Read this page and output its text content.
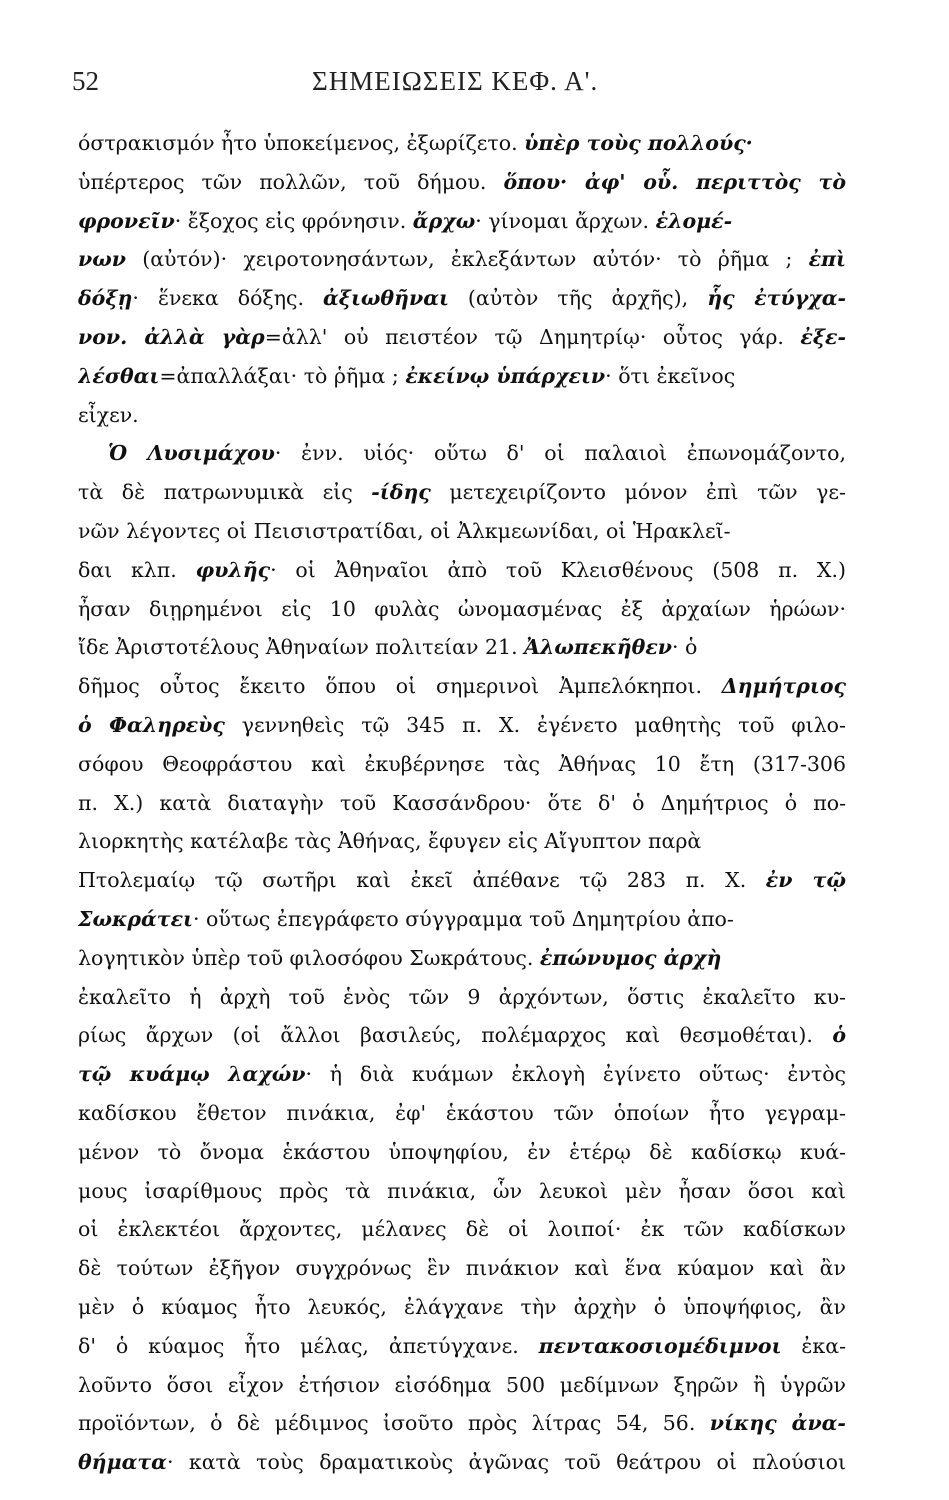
52	ΣΗΜΕΙΩΣΕΙΣ ΚΕΦ. Α'.
όστρακισμόν ἦτο ὑποκείμενος, ἐξωρίζετο. ὑπὲρ τοὺς πολλούς·
ὑπέρτερος τῶν πολλῶν, τοῦ δήμου. ὅπου· ἀφ' οὗ. περιττὸς τὸ
φρονεῖν· ἔξοχος εἰς φρόνησιν. ἄρχω· γίνομαι ἄρχων. ἑλομέ-
νων (αὐτόν)· χειροτονησάντων, ἐκλεξάντων αὐτόν· τὸ ῥῆμα ; ἐπὶ
δόξῃ· ἕνεκα δόξης. ἀξιωθῆναι (αὐτὸν τῆς ἀρχῆς), ἧς ἐτύγχα-
νον. ἀλλὰ γὰρ=ἀλλ' οὐ πειστέον τῷ Δημητρίῳ· οὗτος γάρ. ἐξε-
λέσθαι=ἀπαλλάξαι· τὸ ῥῆμα ; ἐκείνῳ ὑπάρχειν· ὅτι ἐκεῖνος
εἶχεν.
Ὁ Λυσιμάχου· ἐνν. υἱός· οὕτω δ' οἱ παλαιοὶ ἐπωνομάζοντο,
τὰ δὲ πατρωνυμικὰ εἰς -ίδης μετεχειρίζοντο μόνον ἐπὶ τῶν γε-
νῶν λέγοντες οἱ Πεισιστρατίδαι, οἱ Ἀλκμεωνίδαι, οἱ Ἡρακλεῖ-
δαι κλπ. φυλῆς· οἱ Ἀθηναῖοι ἀπὸ τοῦ Κλεισθένους (508 π. Χ.)
ἦσαν διῃρημένοι εἰς 10 φυλὰς ὠνομασμένας ἐξ ἀρχαίων ἡρώων·
ἴδε Ἀριστοτέλους Ἀθηναίων πολιτείαν 21. Ἀλωπεκῆθεν· ὁ
δῆμος οὗτος ἔκειτο ὅπου οἱ σημερινοὶ Ἀμπελόκηποι. Δημήτριος
ὁ Φαληρεὺς γεννηθεὶς τῷ 345 π. Χ. ἐγένετο μαθητὴς τοῦ φιλο-
σόφου Θεοφράστου καὶ ἐκυβέρνησε τὰς Ἀθήνας 10 ἔτη (317-306
π. Χ.) κατὰ διαταγὴν τοῦ Κασσάνδρου· ὅτε δ' ὁ Δημήτριος ὁ πο-
λιορκητὴς κατέλαβε τὰς Ἀθήνας, ἔφυγεν εἰς Αἴγυπτον παρὰ
Πτολεμαίῳ τῷ σωτῆρι καὶ ἐκεῖ ἀπέθανε τῷ 283 π. Χ. ἐν τῷ
Σωκράτει· οὕτως ἐπεγράφετο σύγγραμμα τοῦ Δημητρίου ἀπο-
λογητικὸν ὑπὲρ τοῦ φιλοσόφου Σωκράτους. ἐπώνυμος ἀρχὴ
ἐκαλεῖτο ἡ ἀρχὴ τοῦ ἑνὸς τῶν 9 ἀρχόντων, ὅστις ἐκαλεῖτο κυ-
ρίως ἄρχων (οἱ ἄλλοι βασιλεύς, πολέμαρχος καὶ θεσμοθέται). ὁ
τῷ κυάμῳ λαχών· ἡ διὰ κυάμων ἐκλογὴ ἐγίνετο οὕτως· ἐντὸς
καδίσκου ἔθετον πινάκια, ἐφ' ἑκάστου τῶν ὁποίων ἦτο γεγραμ-
μένον τὸ ὄνομα ἑκάστου ὑποψηφίου, ἐν ἑτέρῳ δὲ καδίσκῳ κυά-
μους ἰσαρίθμους πρὸς τὰ πινάκια, ὧν λευκοὶ μὲν ἦσαν ὅσοι καὶ
οἱ ἐκλεκτέοι ἄρχοντες, μέλανες δὲ οἱ λοιποί· ἐκ τῶν καδίσκων
δὲ τούτων ἐξῆγον συγχρόνως ἓν πινάκιον καὶ ἕνα κύαμον καὶ ἂν
μὲν ὁ κύαμος ἦτο λευκός, ἐλάγχανε τὴν ἀρχὴν ὁ ὑποψήφιος, ἂν
δ' ὁ κύαμος ἦτο μέλας, ἀπετύγχανε. πεντακοσιομέδιμνοι ἐκα-
λοῦντο ὅσοι εἶχον ἐτήσιον εἰσόδημα 500 μεδίμνων ξηρῶν ἢ ὑγρῶν
προϊόντων, ὁ δὲ μέδιμνος ἰσοῦτο πρὸς λίτρας 54, 56. νίκης ἀνα-
θήματα· κατὰ τοὺς δραματικοὺς ἀγῶνας τοῦ θεάτρου οἱ πλούσιοι
